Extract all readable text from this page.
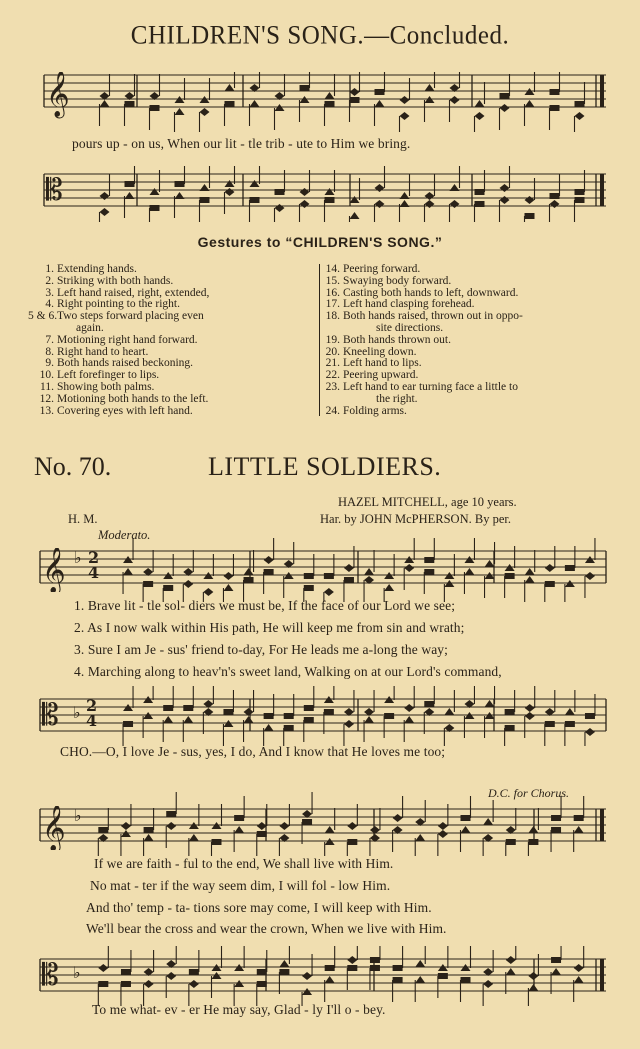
CHILDREN'S SONG.—Concluded.
𝄞
pours up - on us, When our lit - tle trib - ute to Him we bring.
𝄡
Gestures to “CHILDREN'S SONG.”
1. Extending hands.
2. Striking with both hands.
3. Left hand raised, right, extended,
4. Right pointing to the right.
5 & 6.Two steps forward placing even
again.
7. Motioning right hand forward.
8. Right hand to heart.
9. Both hands raised beckoning.
10. Left forefinger to lips.
11. Showing both palms.
12. Motioning both hands to the left.
13. Covering eyes with left hand.
14. Peering forward.
15. Swaying body forward.
16. Casting both hands to left, downward.
17. Left hand clasping forehead.
18. Both hands raised, thrown out in oppo-
site directions.
19. Both hands thrown out.
20. Kneeling down.
21. Left hand to lips.
22. Peering upward.
23. Left hand to ear turning face a little to
the right.
24. Folding arms.
No. 70.	LITTLE SOLDIERS.
HAZEL MITCHELL, age 10 years.
H. M.	Har. by JOHN McPHERSON. By per.
Moderato.
𝄞 ♭ 2
4
1. Brave lit - tle sol- diers we must be, If the face of our Lord we see;
2. As I now walk within His path, He will keep me from sin and wrath;
3. Sure I am Je - sus' friend to-day, For He leads me a-long the way;
4. Marching along to heav'n's sweet land, Walking on at our Lord's command,
𝄡 ♭ 2
4
CHO.—O, I love Je - sus, yes, I do, And I know that He loves me too;
D.C. for Chorus.
𝄞 ♭
If we are faith - ful to the end, We shall live with Him.
No mat - ter if the way seem dim, I will fol - low Him.
And tho' temp - ta- tions sore may come, I will keep with Him.
We'll bear the cross and wear the crown, When we live with Him.
𝄡 ♭
To me what- ev - er He may say, Glad - ly I'll o - bey.
